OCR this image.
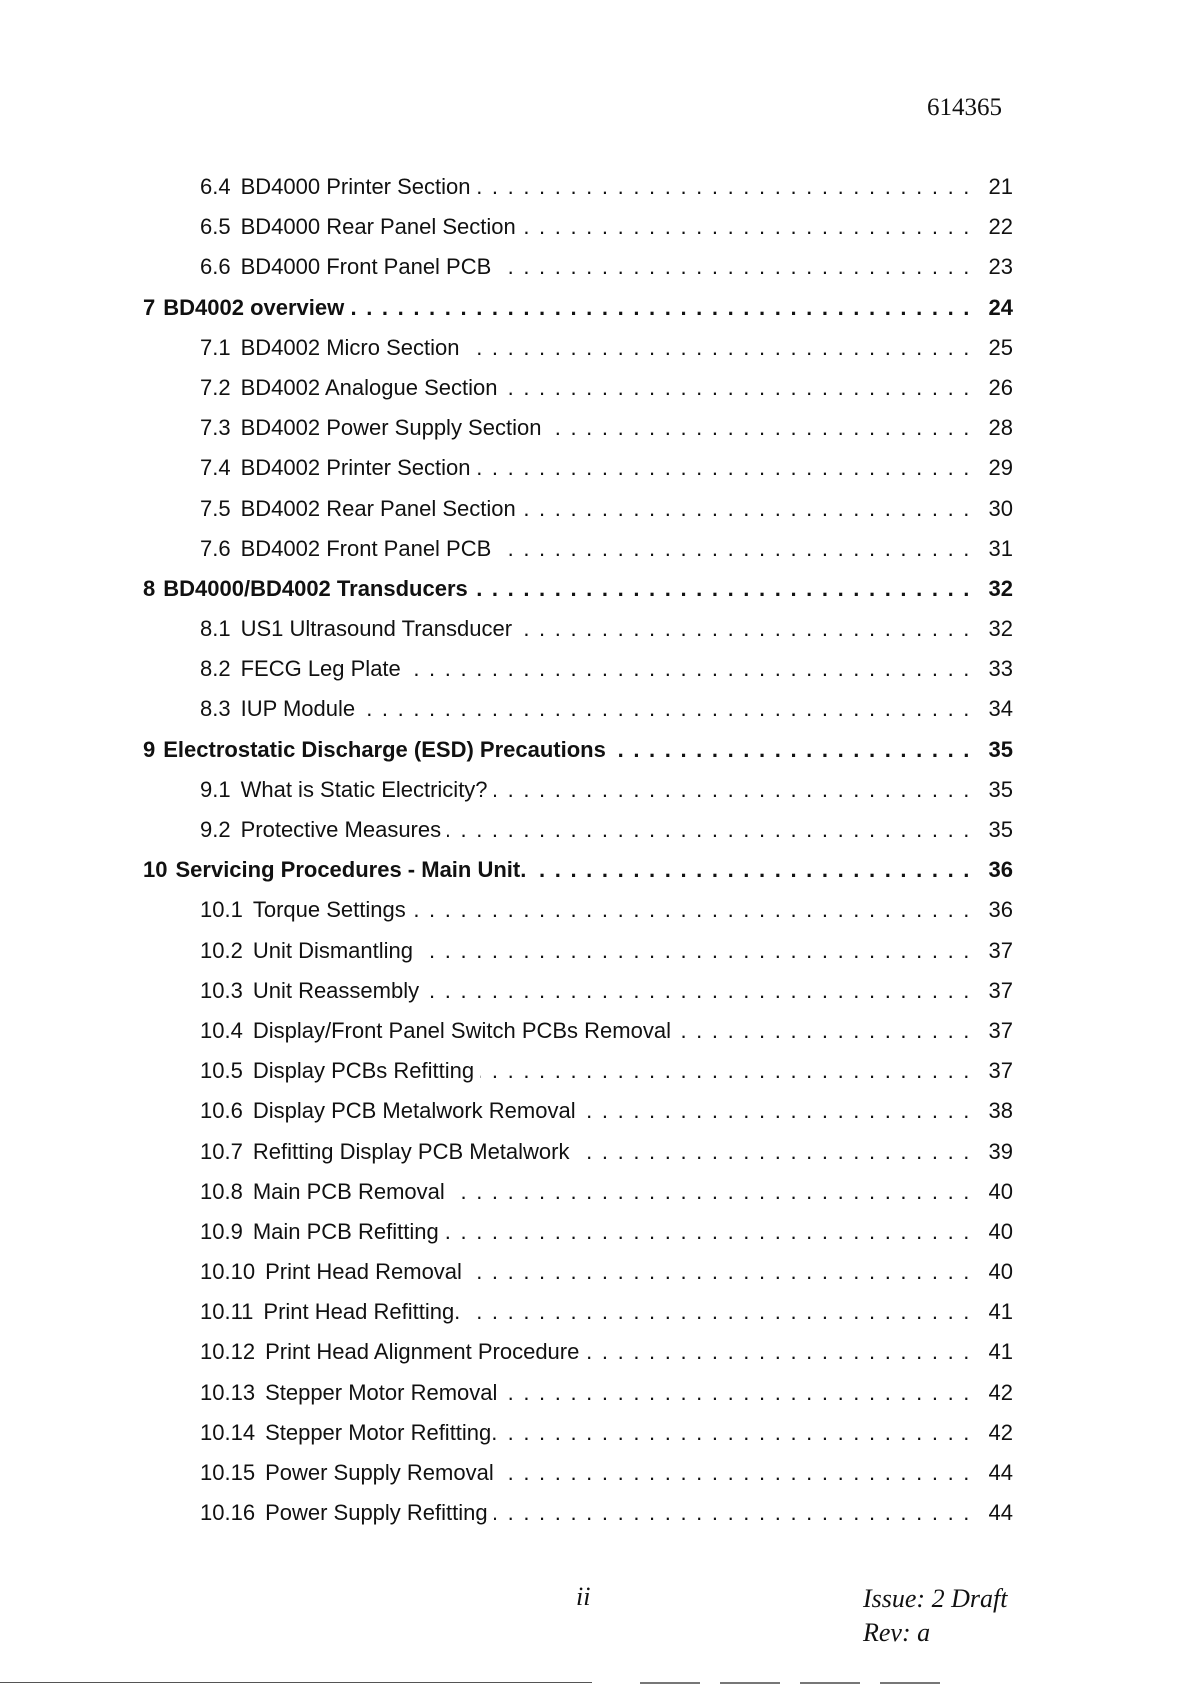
614365
6.4 BD4000 Printer Section .....	21
6.5 BD4000 Rear Panel Section .....	22
6.6 BD4000 Front Panel PCB .....	23
7 BD4002 overview .....	24
7.1 BD4002 Micro Section .....	25
7.2 BD4002 Analogue Section .....	26
7.3 BD4002 Power Supply Section .....	28
7.4 BD4002 Printer Section .....	29
7.5 BD4002 Rear Panel Section .....	30
7.6 BD4002 Front Panel PCB .....	31
8 BD4000/BD4002 Transducers .....	32
8.1 US1 Ultrasound Transducer .....	32
8.2 FECG Leg Plate .....	33
8.3 IUP Module .....	34
9 Electrostatic Discharge (ESD) Precautions .....	35
9.1 What is Static Electricity? .....	35
9.2 Protective Measures .....	35
10 Servicing Procedures - Main Unit. .....	36
10.1 Torque Settings .....	36
10.2 Unit Dismantling .....	37
10.3 Unit Reassembly .....	37
10.4 Display/Front Panel Switch PCBs Removal .....	37
10.5 Display PCBs Refitting .....	37
10.6 Display PCB Metalwork Removal .....	38
10.7 Refitting Display PCB Metalwork .....	39
10.8 Main PCB Removal .....	40
10.9 Main PCB Refitting .....	40
10.10 Print Head Removal .....	40
10.11 Print Head Refitting. .....	41
10.12 Print Head Alignment Procedure .....	41
10.13 Stepper Motor Removal .....	42
10.14 Stepper Motor Refitting. .....	42
10.15 Power Supply Removal .....	44
10.16 Power Supply Refitting .....	44
ii	Issue: 2 Draft
Rev: a
